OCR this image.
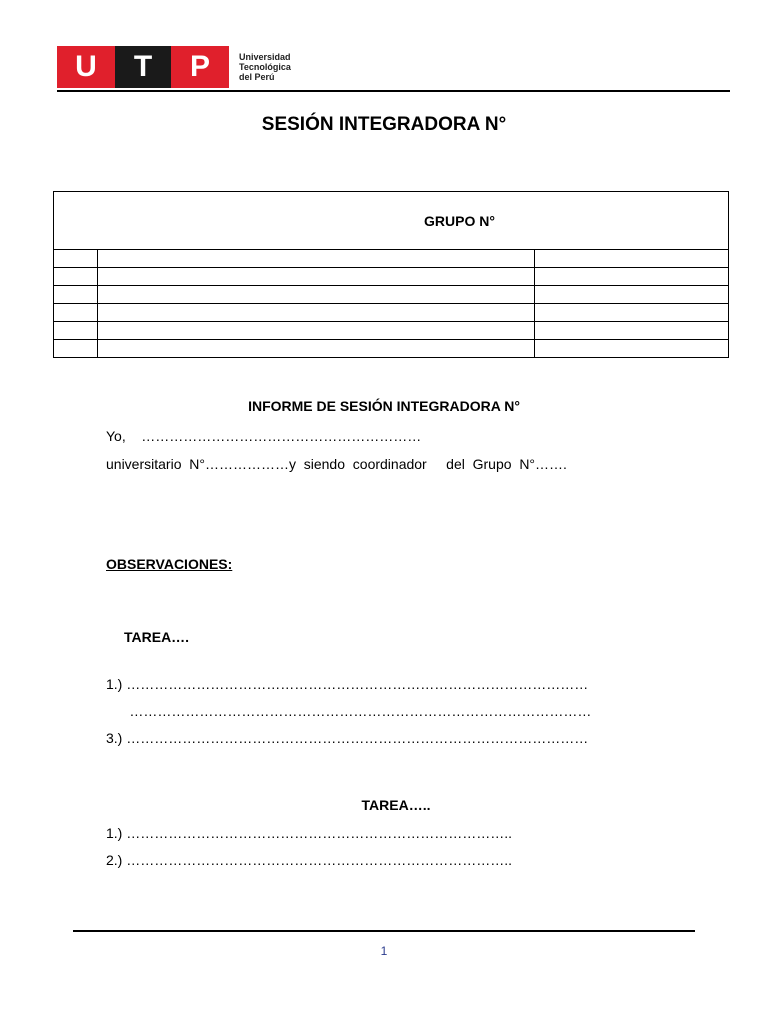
U	T	P	Universidad
Tecnológica
del Perú
SESIÓN INTEGRADORA N°
GRUPO N°		

INFORME DE SESIÓN INTEGRADORA N°
Yo,    ……………………………………………………
universitario  N°………………y  siendo  coordinador     del  Grupo  N°…….
OBSERVACIONES:
TAREA….
1.) ………………………………………………………………………………………
………………………………………………………………………………………
3.) ………………………………………………………………………………………
TAREA…..
1.) ………………………………………………………………………..
2.) ………………………………………………………………………..
1
